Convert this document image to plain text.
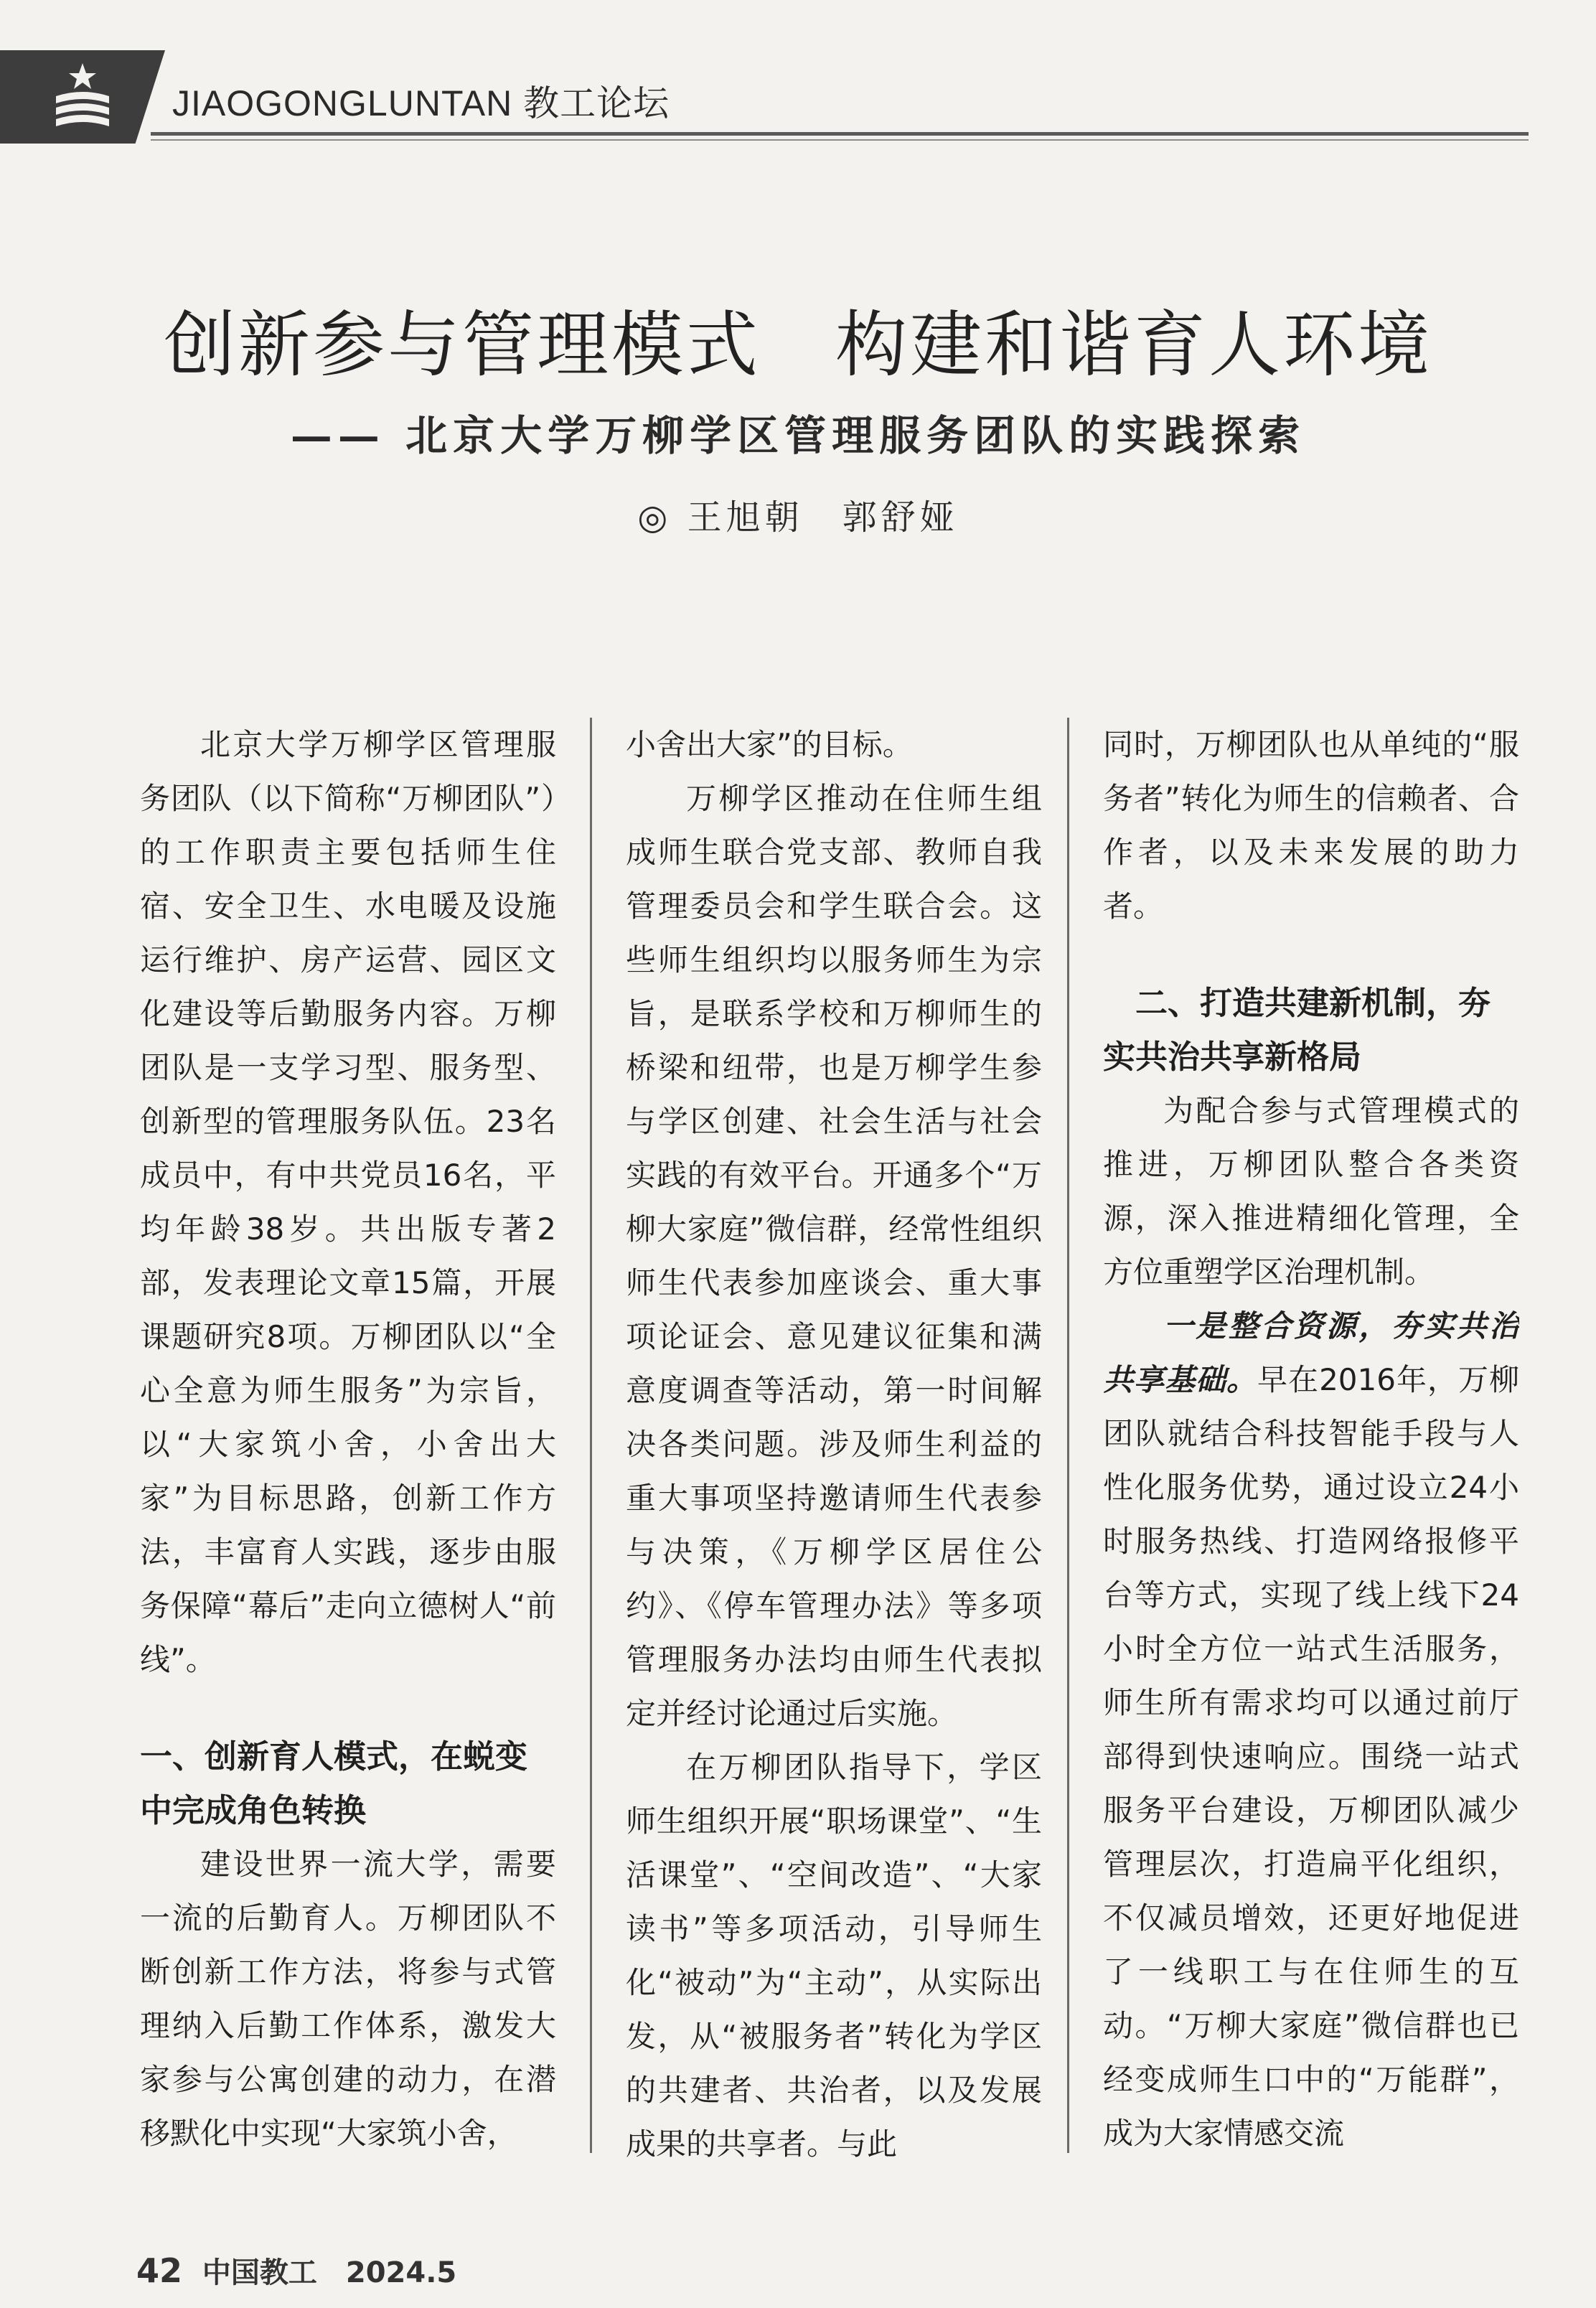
JIAOGONGLUNTAN 教工论坛
创新参与管理模式　构建和谐育人环境
—— 北京大学万柳学区管理服务团队的实践探索
◎ 王旭朝　郭舒娅

北京大学万柳学区管理服务团队（以下简称“万柳团队”）的工作职责主要包括师生住宿、安全卫生、水电暖及设施运行维护、房产运营、园区文化建设等后勤服务内容。万柳团队是一支学习型、服务型、创新型的管理服务队伍。23名成员中，有中共党员16名，平均年龄38岁。共出版专著2部，发表理论文章15篇，开展课题研究8项。万柳团队以“全心全意为师生服务”为宗旨，以“大家筑小舍，小舍出大家”为目标思路，创新工作方法，丰富育人实践，逐步由服务保障“幕后”走向立德树人“前线”。

一、创新育人模式，在蜕变中完成角色转换

建设世界一流大学，需要一流的后勤育人。万柳团队不断创新工作方法，将参与式管理纳入后勤工作体系，激发大家参与公寓创建的动力，在潜移默化中实现“大家筑小舍，

小舍出大家”的目标。

万柳学区推动在住师生组成师生联合党支部、教师自我管理委员会和学生联合会。这些师生组织均以服务师生为宗旨，是联系学校和万柳师生的桥梁和纽带，也是万柳学生参与学区创建、社会生活与社会实践的有效平台。开通多个“万柳大家庭”微信群，经常性组织师生代表参加座谈会、重大事项论证会、意见建议征集和满意度调查等活动，第一时间解决各类问题。涉及师生利益的重大事项坚持邀请师生代表参与决策，《万柳学区居住公约》、《停车管理办法》等多项管理服务办法均由师生代表拟定并经讨论通过后实施。

在万柳团队指导下，学区师生组织开展“职场课堂”、“生活课堂”、“空间改造”、“大家读书”等多项活动，引导师生化“被动”为“主动”，从实际出发，从“被服务者”转化为学区的共建者、共治者，以及发展成果的共享者。与此

同时，万柳团队也从单纯的“服务者”转化为师生的信赖者、合作者，以及未来发展的助力者。

二、打造共建新机制，夯实共治共享新格局

为配合参与式管理模式的推进，万柳团队整合各类资源，深入推进精细化管理，全方位重塑学区治理机制。

一是整合资源，夯实共治共享基础。早在2016年，万柳团队就结合科技智能手段与人性化服务优势，通过设立24小时服务热线、打造网络报修平台等方式，实现了线上线下24小时全方位一站式生活服务，师生所有需求均可以通过前厅部得到快速响应。围绕一站式服务平台建设，万柳团队减少管理层次，打造扁平化组织，不仅减员增效，还更好地促进了一线职工与在住师生的互动。“万柳大家庭”微信群也已经变成师生口中的“万能群”，成为大家情感交流

42 中国教工　2024.5
